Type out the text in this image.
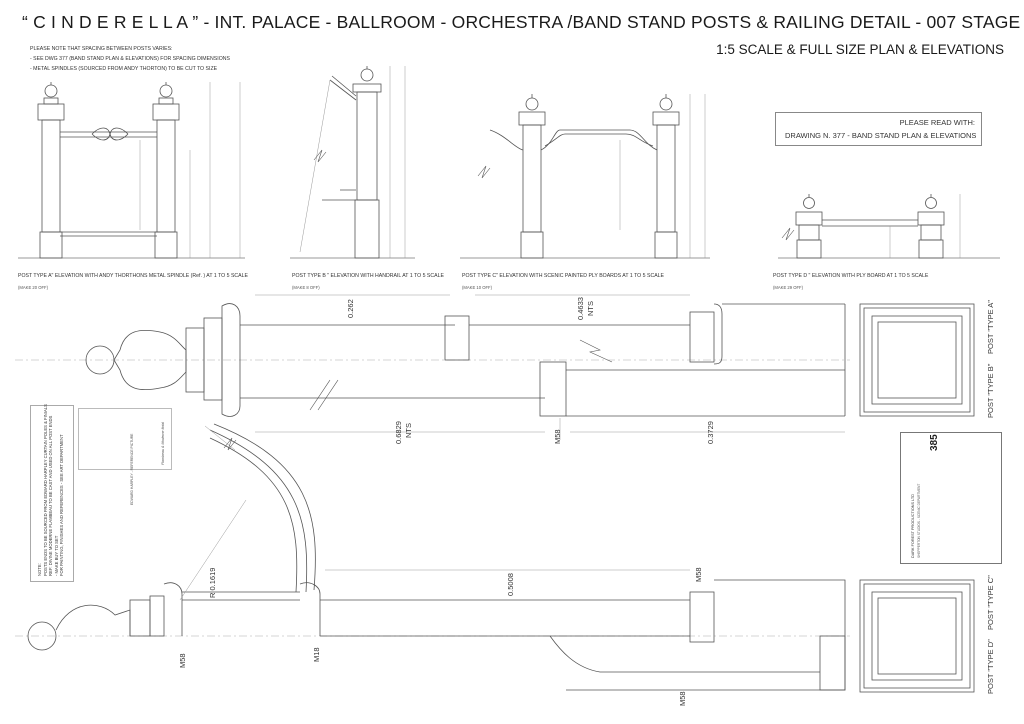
“ C I N D E R E L L A ” - INT. PALACE - BALLROOM - ORCHESTRA /BAND STAND POSTS & RAILING DETAIL - 007 STAGE
1:5 SCALE & FULL SIZE PLAN & ELEVATIONS
PLEASE NOTE THAT SPACING BETWEEN POSTS VARIES:
- SEE DWG 377 (BAND STAND PLAN & ELEVATIONS) FOR SPACING DIMENSIONS
- METAL SPINDLES (SOURCED FROM ANDY THORTON) TO BE CUT TO SIZE
PLEASE READ WITH:
DRAWING N. 377 - BAND STAND PLAN & ELEVATIONS
POST TYPE A" ELEVATION WITH ANDY THORTHONS METAL SPINDLE (Ref. ) AT 1 TO 5 SCALE
(MAKE 20 OFF)
POST TYPE B " ELEVATION WITH HANDRAIL AT 1 TO 5 SCALE
(MAKE 8 OFF)
POST TYPE C" ELEVATION WITH SCENIC PAINTED PLY BOARDS AT 1 TO 5 SCALE
(MAKE 10 OFF)
POST TYPE D " ELEVATION WITH PLY BOARD AT 1 TO 5 SCALE
(MAKE 29 OFF)
0.262	0.4633 NTS
0.6829 NTS	0.3729
M58
R 0.1619	0.5008	M58
M58	M18
M58
POST "TYPE A"
POST "TYPE B"
POST "TYPE C"
POST "TYPE D"
NOTE: POSTS ENDS TO BE SOURCED FROM EDWARD HARPLEY CURTAIN POLES & FINIALS REF: DIVINE MODERNE FLAMBEAU TO BE CAST AND USED ON ALL POST ENDS - MAKE BUY TO SET FOR PAINTING, FINISHES AND REFERENCES - SEE ART DEPARTMENT	Flambeau & Moderne finial
EDWARD HARPLEY - REFERENCE PICTURE	385
DARK FOREST PRODUCTIONS LTD SHEPPERTON STUDIOS - SCENIC DEPARTMENT
